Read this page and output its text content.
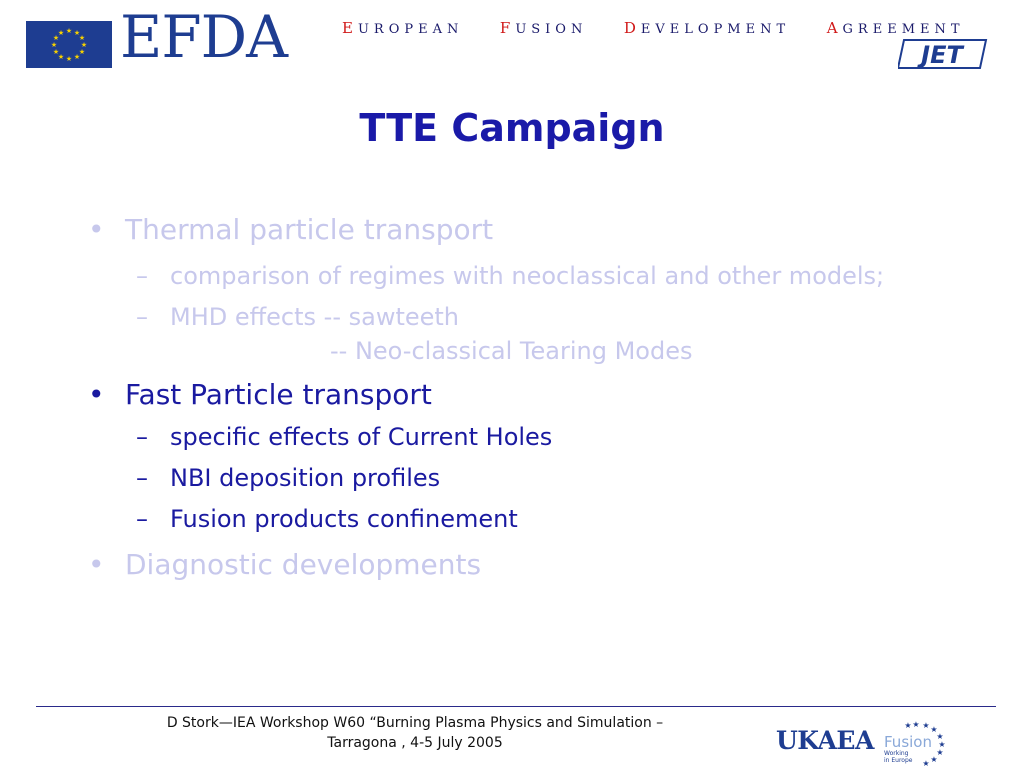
★ ★
★
★
★
★
★
★
★
★
★
★ EFDA	EUROPEAN FUSION DEVELOPMENT AGREEMENT
JET
TTE Campaign
• Thermal particle transport
– comparison of regimes with neoclassical and other models;
– MHD effects -- sawteeth
-- Neo-classical Tearing Modes
• Fast Particle transport
– specific effects of Current Holes
– NBI deposition profiles
– Fusion products confinement
• Diagnostic developments
D Stork—IEA Workshop W60 “Burning Plasma Physics and Simulation –
Tarragona , 4-5 July 2005	UKAEA Fusion
★ ★ ★
★
★
★
★
★
★
Working
in Europe
